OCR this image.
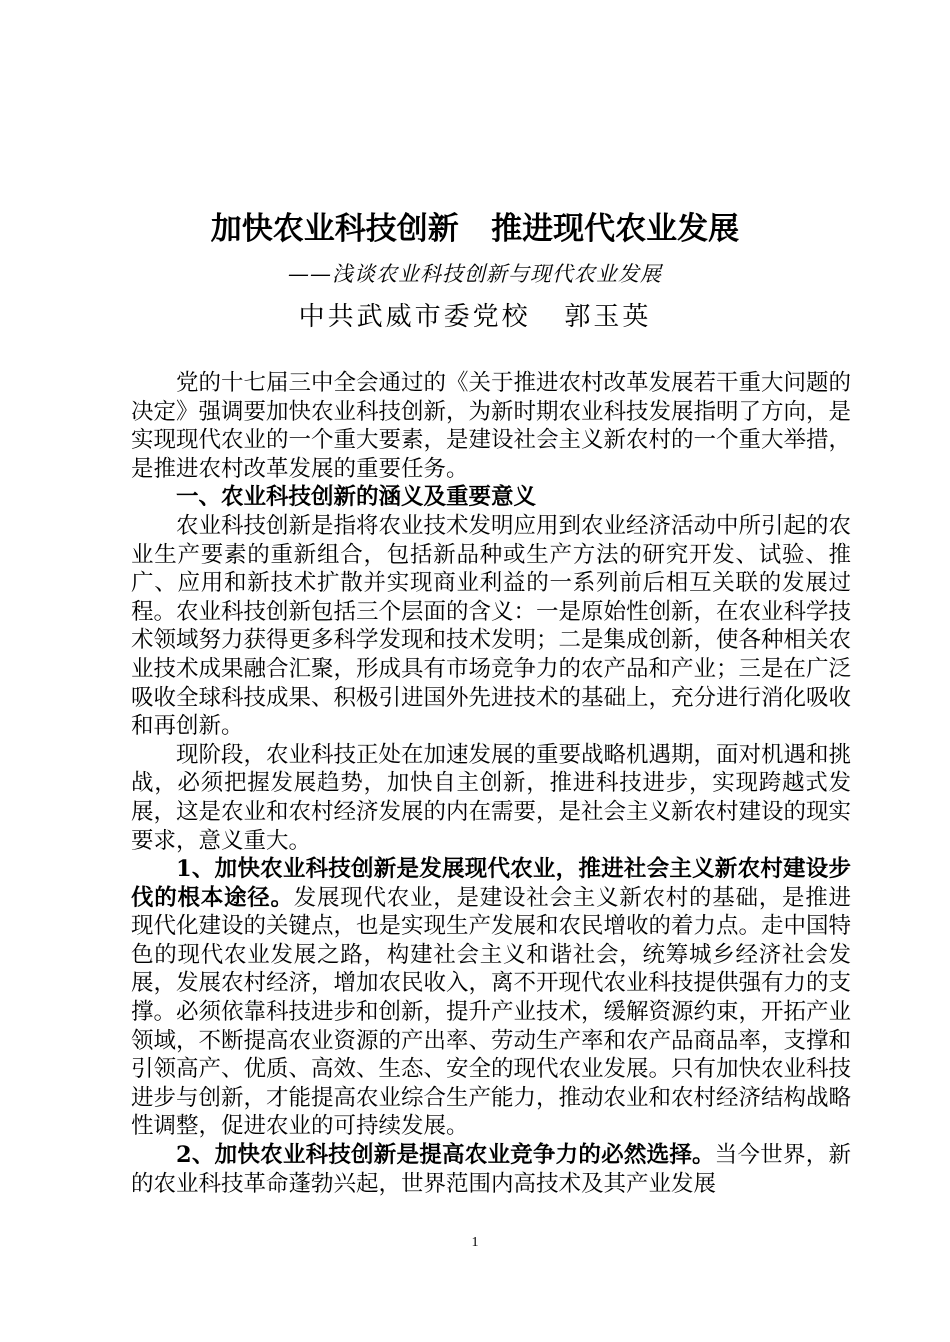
加快农业科技创新   推进现代农业发展
——浅谈农业科技创新与现代农业发展
中共武威市委党校   郭玉英

党的十七届三中全会通过的《关于推进农村改革发展若干重大问题的决定》强调要加快农业科技创新，为新时期农业科技发展指明了方向，是实现现代农业的一个重大要素，是建设社会主义新农村的一个重大举措，是推进农村改革发展的重要任务。

一、农业科技创新的涵义及重要意义

农业科技创新是指将农业技术发明应用到农业经济活动中所引起的农业生产要素的重新组合，包括新品种或生产方法的研究开发、试验、推广、应用和新技术扩散并实现商业利益的一系列前后相互关联的发展过程。农业科技创新包括三个层面的含义：一是原始性创新，在农业科学技术领域努力获得更多科学发现和技术发明；二是集成创新，使各种相关农业技术成果融合汇聚，形成具有市场竞争力的农产品和产业；三是在广泛吸收全球科技成果、积极引进国外先进技术的基础上，充分进行消化吸收和再创新。

现阶段，农业科技正处在加速发展的重要战略机遇期，面对机遇和挑战，必须把握发展趋势，加快自主创新，推进科技进步，实现跨越式发展，这是农业和农村经济发展的内在需要，是社会主义新农村建设的现实要求，意义重大。

1、加快农业科技创新是发展现代农业，推进社会主义新农村建设步伐的根本途径。发展现代农业，是建设社会主义新农村的基础，是推进现代化建设的关键点，也是实现生产发展和农民增收的着力点。走中国特色的现代农业发展之路，构建社会主义和谐社会，统筹城乡经济社会发展，发展农村经济，增加农民收入，离不开现代农业科技提供强有力的支撑。必须依靠科技进步和创新，提升产业技术，缓解资源约束，开拓产业领域，不断提高农业资源的产出率、劳动生产率和农产品商品率，支撑和引领高产、优质、高效、生态、安全的现代农业发展。只有加快农业科技进步与创新，才能提高农业综合生产能力，推动农业和农村经济结构战略性调整，促进农业的可持续发展。

2、加快农业科技创新是提高农业竞争力的必然选择。当今世界，新的农业科技革命蓬勃兴起，世界范围内高技术及其产业发展

1
